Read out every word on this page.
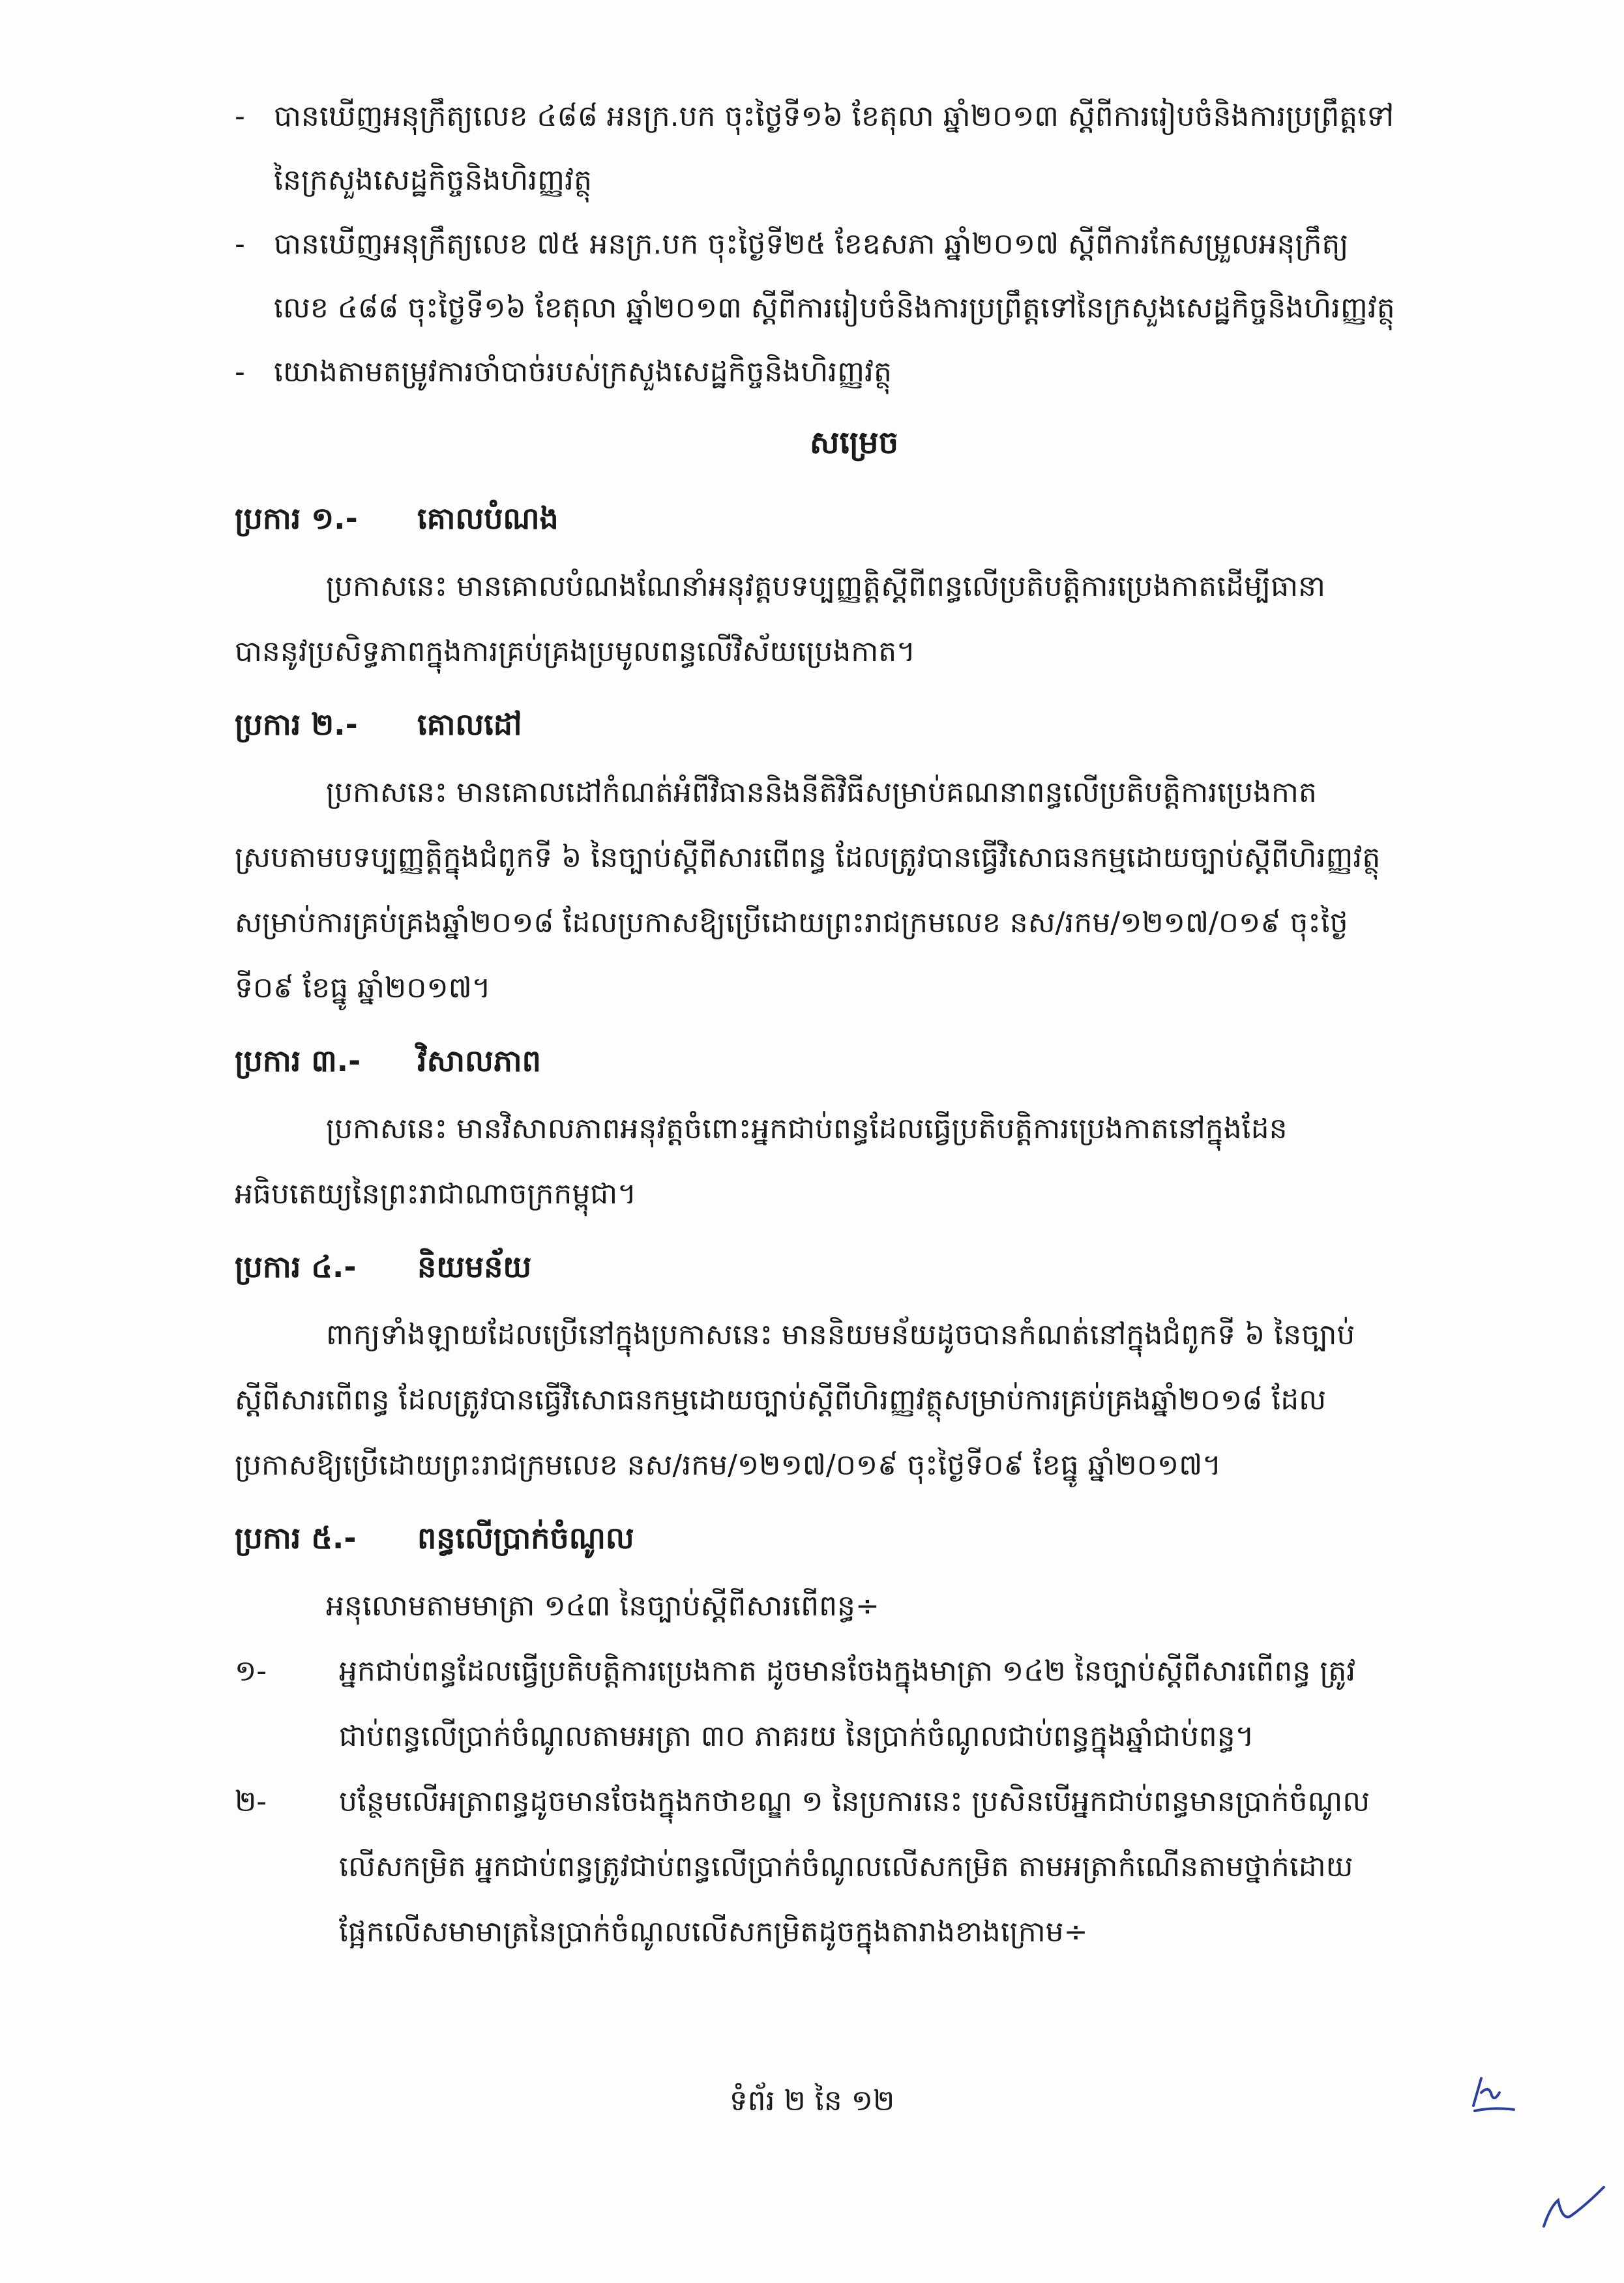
- បានឃើញអនុក្រឹត្យលេខ ៤៨៨ អនក្រ.បក ចុះថ្ងៃទី១៦ ខែតុលា ឆ្នាំ២០១៣ ស្តីពីការរៀបចំនិងការប្រព្រឹត្តទៅ
នៃក្រសួងសេដ្ឋកិច្ចនិងហិរញ្ញវត្ថុ
- បានឃើញអនុក្រឹត្យលេខ ៧៥ អនក្រ.បក ចុះថ្ងៃទី២៥ ខែឧសភា ឆ្នាំ២០១៧ ស្តីពីការកែសម្រួលអនុក្រឹត្យ
លេខ ៤៨៨ ចុះថ្ងៃទី១៦ ខែតុលា ឆ្នាំ២០១៣ ស្តីពីការរៀបចំនិងការប្រព្រឹត្តទៅនៃក្រសួងសេដ្ឋកិច្ចនិងហិរញ្ញវត្ថុ
- យោងតាមតម្រូវការចាំបាច់របស់ក្រសួងសេដ្ឋកិច្ចនិងហិរញ្ញវត្ថុ
សម្រេច
ប្រការ ១.-	គោលបំណង
ប្រកាសនេះ មានគោលបំណងណែនាំអនុវត្តបទប្បញ្ញត្តិស្តីពីពន្ធលើប្រតិបត្តិការប្រេងកាតដើម្បីធានា
បាននូវប្រសិទ្ធភាពក្នុងការគ្រប់គ្រងប្រមូលពន្ធលើវិស័យប្រេងកាត។
ប្រការ ២.-	គោលដៅ
ប្រកាសនេះ មានគោលដៅកំណត់អំពីវិធាននិងនីតិវិធីសម្រាប់គណនាពន្ធលើប្រតិបត្តិការប្រេងកាត
ស្របតាមបទប្បញ្ញត្តិក្នុងជំពូកទី ៦ នៃច្បាប់ស្តីពីសារពើពន្ធ ដែលត្រូវបានធ្វើវិសោធនកម្មដោយច្បាប់ស្តីពីហិរញ្ញវត្ថុ
សម្រាប់ការគ្រប់គ្រងឆ្នាំ២០១៨ ដែលប្រកាសឱ្យប្រើដោយព្រះរាជក្រមលេខ នស/រកម/១២១៧/០១៩ ចុះថ្ងៃ
ទី០៩ ខែធ្នូ ឆ្នាំ២០១៧។
ប្រការ ៣.-	វិសាលភាព
ប្រកាសនេះ មានវិសាលភាពអនុវត្តចំពោះអ្នកជាប់ពន្ធដែលធ្វើប្រតិបត្តិការប្រេងកាតនៅក្នុងដែន
អធិបតេយ្យនៃព្រះរាជាណាចក្រកម្ពុជា។
ប្រការ ៤.-	និយមន័យ
ពាក្យទាំងឡាយដែលប្រើនៅក្នុងប្រកាសនេះ មាននិយមន័យដូចបានកំណត់នៅក្នុងជំពូកទី ៦ នៃច្បាប់
ស្តីពីសារពើពន្ធ ដែលត្រូវបានធ្វើវិសោធនកម្មដោយច្បាប់ស្តីពីហិរញ្ញវត្ថុសម្រាប់ការគ្រប់គ្រងឆ្នាំ២០១៨ ដែល
ប្រកាសឱ្យប្រើដោយព្រះរាជក្រមលេខ នស/រកម/១២១៧/០១៩ ចុះថ្ងៃទី០៩ ខែធ្នូ ឆ្នាំ២០១៧។
ប្រការ ៥.-	ពន្ធលើប្រាក់ចំណូល
អនុលោមតាមមាត្រា ១៤៣ នៃច្បាប់ស្តីពីសារពើពន្ធ÷
១-	អ្នកជាប់ពន្ធដែលធ្វើប្រតិបត្តិការប្រេងកាត ដូចមានចែងក្នុងមាត្រា ១៤២ នៃច្បាប់ស្តីពីសារពើពន្ធ ត្រូវ
ជាប់ពន្ធលើប្រាក់ចំណូលតាមអត្រា ៣០ ភាគរយ នៃប្រាក់ចំណូលជាប់ពន្ធក្នុងឆ្នាំជាប់ពន្ធ។
២-	បន្ថែមលើអត្រាពន្ធដូចមានចែងក្នុងកថាខណ្ឌ ១ នៃប្រការនេះ ប្រសិនបើអ្នកជាប់ពន្ធមានប្រាក់ចំណូល
លើសកម្រិត អ្នកជាប់ពន្ធត្រូវជាប់ពន្ធលើប្រាក់ចំណូលលើសកម្រិត តាមអត្រាកំណើនតាមថ្នាក់ដោយ
ផ្អែកលើសមាមាត្រនៃប្រាក់ចំណូលលើសកម្រិតដូចក្នុងតារាងខាងក្រោម÷
ទំព័រ ២ នៃ ១២
